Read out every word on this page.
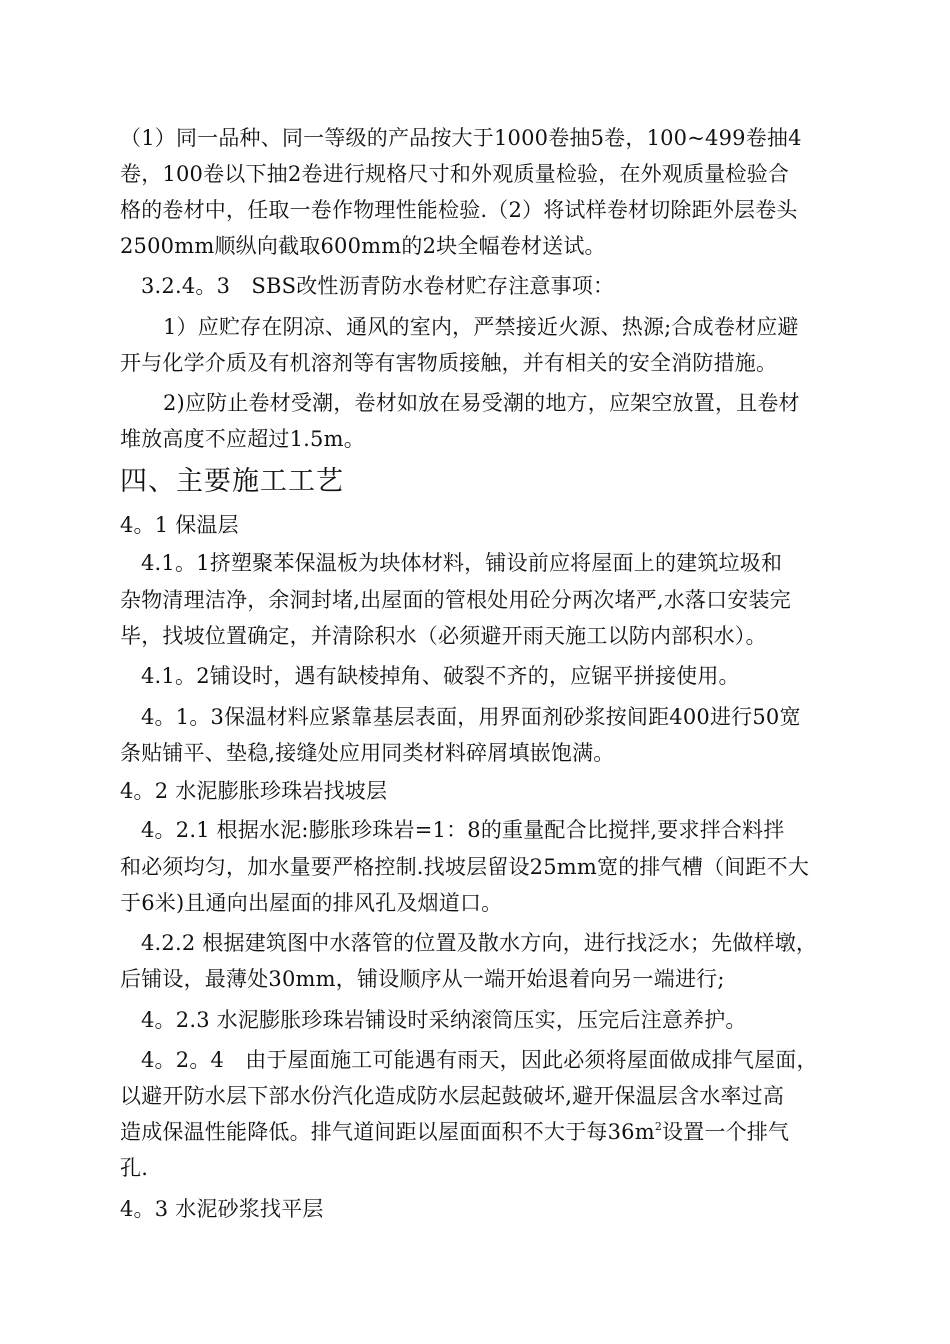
（1）同一品种、同一等级的产品按大于1000卷抽5卷，100~499卷抽4
卷，100卷以下抽2卷进行规格尺寸和外观质量检验，在外观质量检验合
格的卷材中，任取一卷作物理性能检验.（2）将试样卷材切除距外层卷头
2500mm顺纵向截取600mm的2块全幅卷材送试。
3.2.4。3　SBS改性沥青防水卷材贮存注意事项：
1）应贮存在阴凉、通风的室内，严禁接近火源、热源;合成卷材应避
开与化学介质及有机溶剂等有害物质接触，并有相关的安全消防措施。
2)应防止卷材受潮，卷材如放在易受潮的地方，应架空放置，且卷材
堆放高度不应超过1.5m。
四、主要施工工艺
4。1 保温层
4.1。1挤塑聚苯保温板为块体材料，铺设前应将屋面上的建筑垃圾和
杂物清理洁净，余洞封堵,出屋面的管根处用砼分两次堵严,水落口安装完
毕，找坡位置确定，并清除积水（必须避开雨天施工以防内部积水）。
4.1。2铺设时，遇有缺棱掉角、破裂不齐的，应锯平拼接使用。
4。1。3保温材料应紧靠基层表面，用界面剂砂浆按间距400进行50宽
条贴铺平、垫稳,接缝处应用同类材料碎屑填嵌饱满。
4。2 水泥膨胀珍珠岩找坡层
4。2.1 根据水泥:膨胀珍珠岩=1：8的重量配合比搅拌,要求拌合料拌
和必须均匀，加水量要严格控制.找坡层留设25mm宽的排气槽（间距不大
于6米)且通向出屋面的排风孔及烟道口。
4.2.2 根据建筑图中水落管的位置及散水方向，进行找泛水；先做样墩，
后铺设，最薄处30mm，铺设顺序从一端开始退着向另一端进行;
4。2.3 水泥膨胀珍珠岩铺设时采纳滚筒压实，压完后注意养护。
4。2。4　由于屋面施工可能遇有雨天，因此必须将屋面做成排气屋面，
以避开防水层下部水份汽化造成防水层起鼓破坏,避开保温层含水率过高
造成保温性能降低。排气道间距以屋面面积不大于每$36m^2$设置一个排气
孔.
4。3 水泥砂浆找平层
